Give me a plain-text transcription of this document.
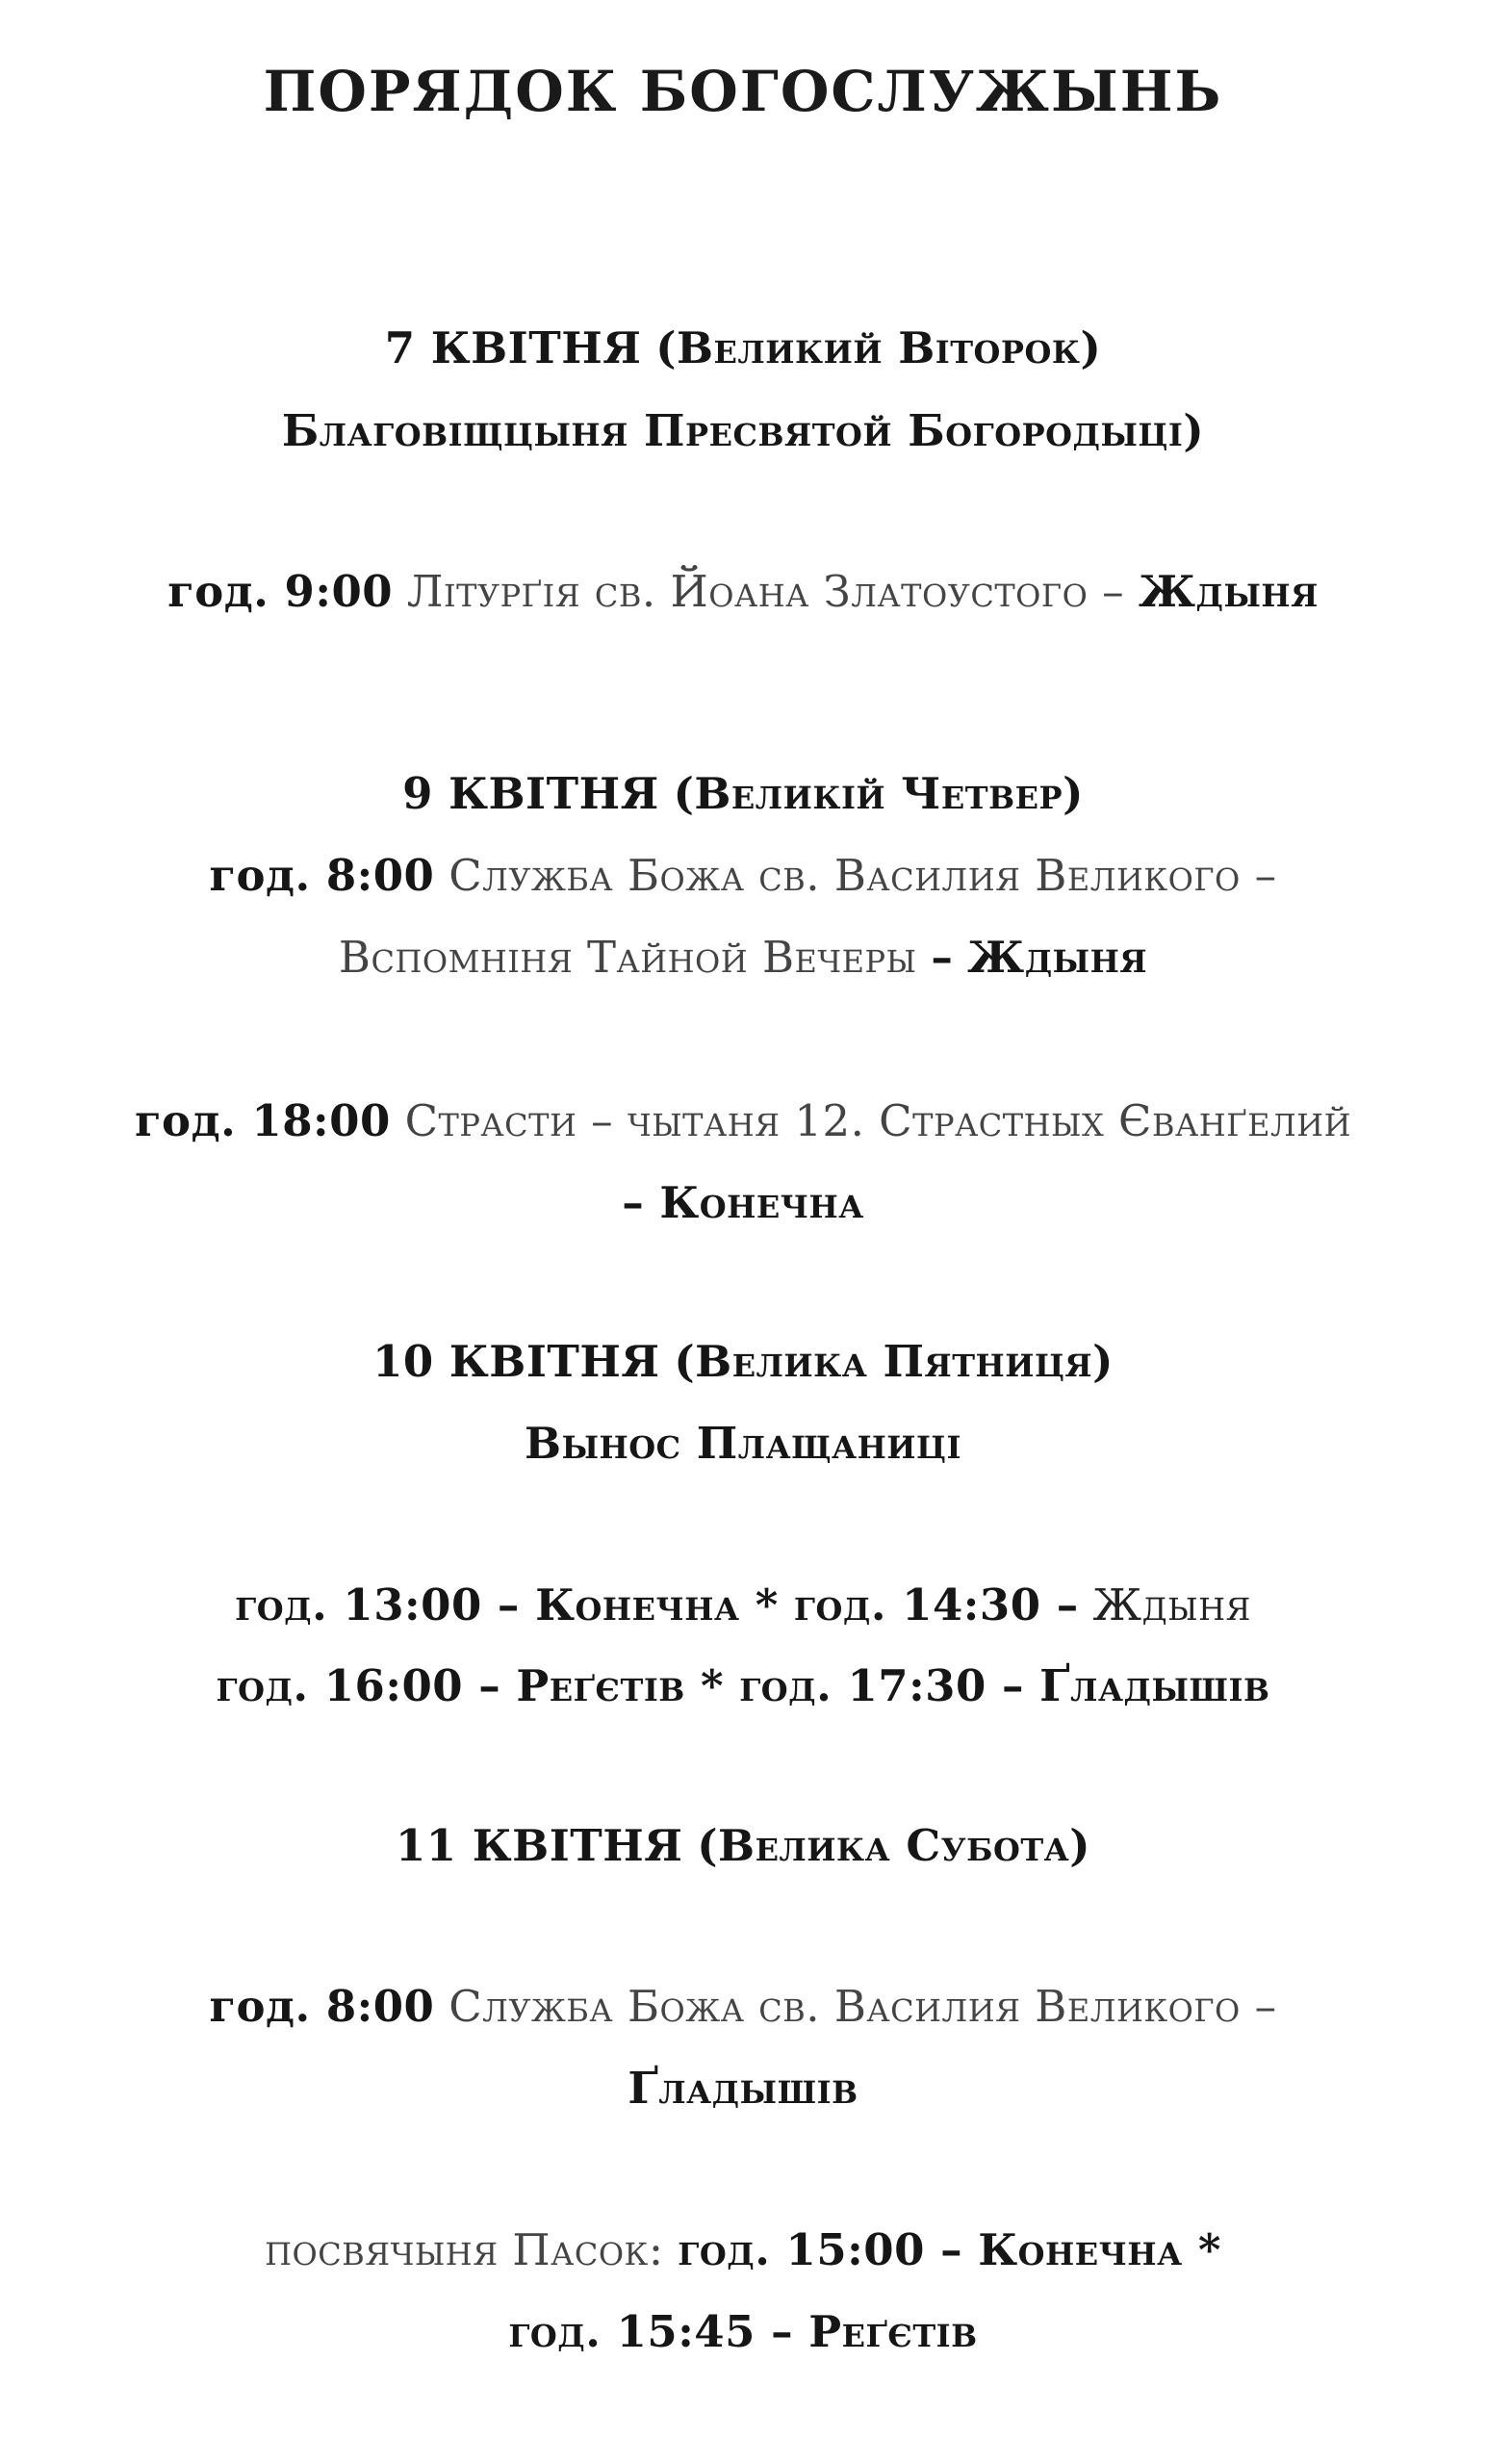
ПОРЯДОК БОГОСЛУЖЫНЬ
7 КВІТНЯ (Великий Віторок)
Благовіщцыня Пресвятой Богородыці)
год. 9:00 Літурґія св. Йоана Златоустого – Ждыня
9 КВІТНЯ (Великій Четвер)
год. 8:00 Служба Божа св. Василия Великого –
Вспомніня Тайной Вечеры – Ждыня
год. 18:00 Страсти – чытаня 12. Страстных Єванґелий
– Конечна
10 КВІТНЯ (Велика Пятниця)
Вынос Плащаниці
год. 13:00 – Конечна * год. 14:30 – Ждыня
год. 16:00 – Реґєтів * год. 17:30 – Ґладышів
11 КВІТНЯ (Велика Субота)
год. 8:00 Служба Божа св. Василия Великого –
Ґладышів
посвячыня Пасок: год. 15:00 – Конечна *
год. 15:45 – Реґєтів
